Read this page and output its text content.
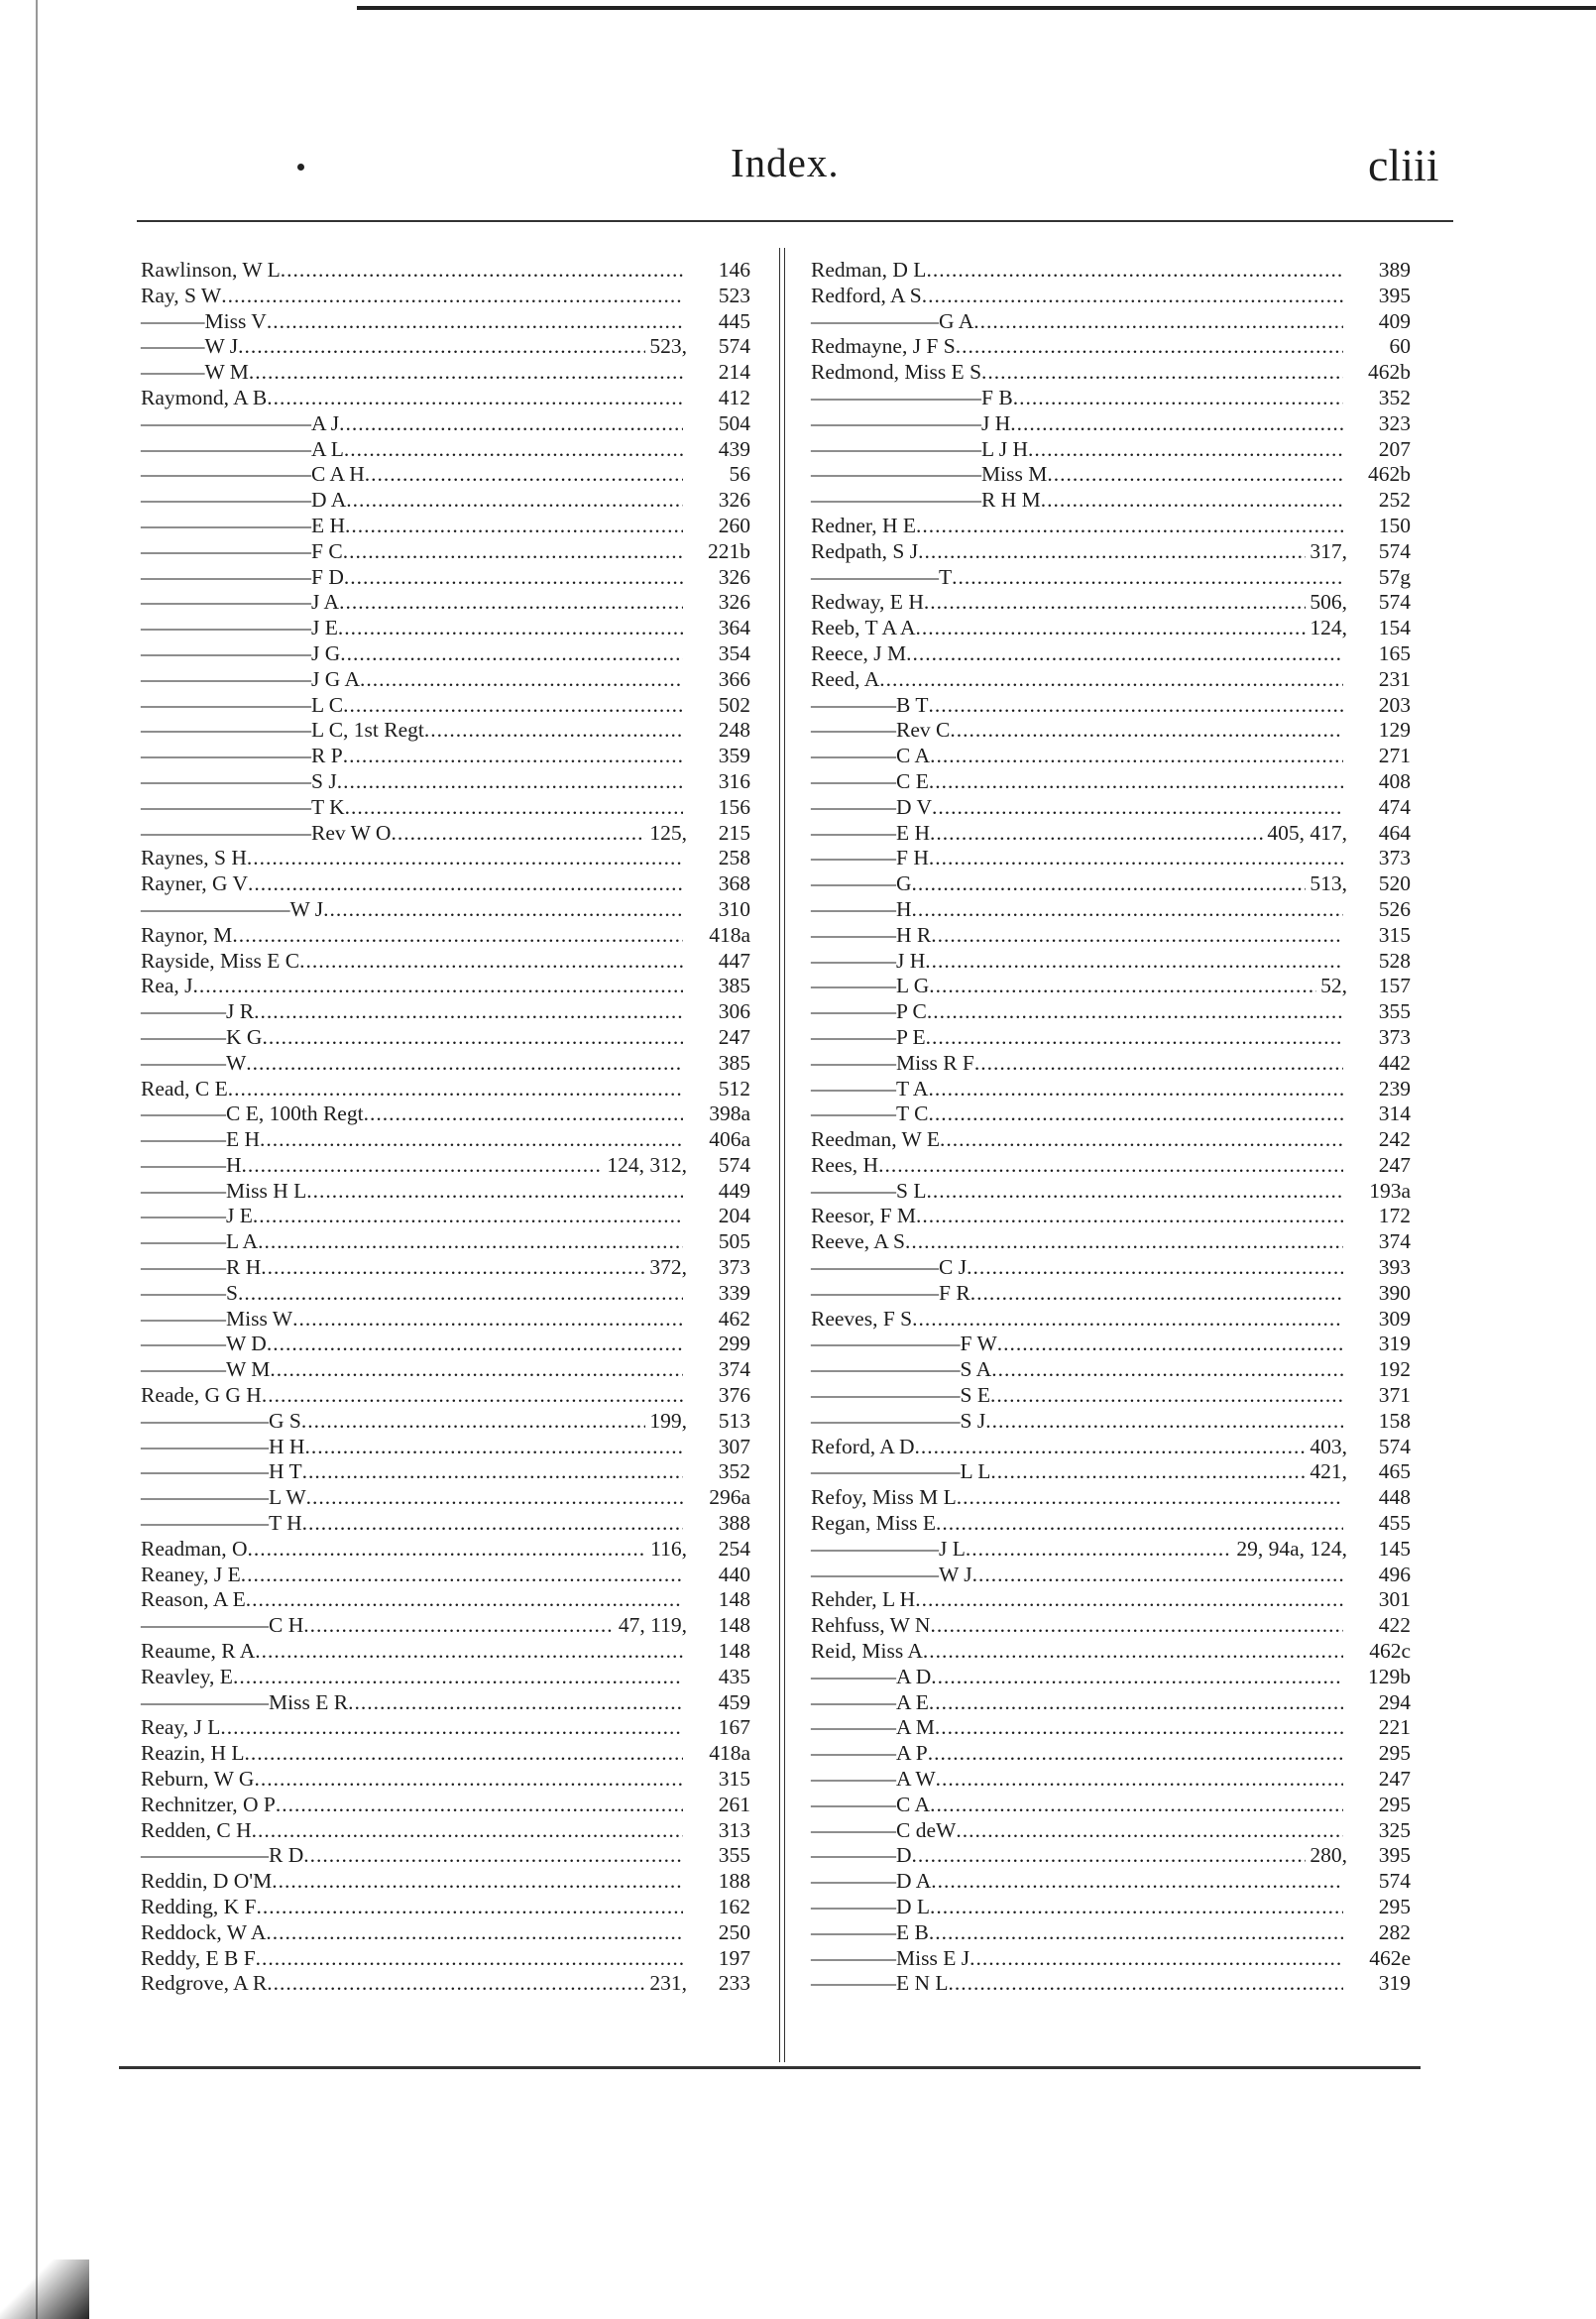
Index.	cliii
Rawlinson, W L .....	146
Ray, S W .....	523
———Miss V .....	445
———W J .....	523,	574
———W M .....	214
Raymond, A B .....	412
————————A J .....	504
————————A L .....	439
————————C A H .....	56
————————D A .....	326
————————E H .....	260
————————F C .....	221b
————————F D .....	326
————————J A .....	326
————————J E .....	364
————————J G .....	354
————————J G A .....	366
————————L C .....	502
————————L C, 1st Regt .....	248
————————R P .....	359
————————S J .....	316
————————T K .....	156
————————Rev W O .....	125,	215
Raynes, S H .....	258
Rayner, G V .....	368
———————W J .....	310
Raynor, M .....	418a
Rayside, Miss E C .....	447
Rea, J .....	385
————J R .....	306
————K G .....	247
————W .....	385
Read, C E .....	512
————C E, 100th Regt .....	398a
————E H .....	406a
————H .....	124, 312,	574
————Miss H L .....	449
————J E .....	204
————L A .....	505
————R H .....	372,	373
————S .....	339
————Miss W .....	462
————W D .....	299
————W M .....	374
Reade, G G H .....	376
——————G S .....	199,	513
——————H H .....	307
——————H T .....	352
——————L W .....	296a
——————T H .....	388
Readman, O .....	116,	254
Reaney, J E .....	440
Reason, A E .....	148
——————C H .....	47, 119,	148
Reaume, R A .....	148
Reavley, E .....	435
——————Miss E R .....	459
Reay, J L .....	167
Reazin, H L .....	418a
Reburn, W G .....	315
Rechnitzer, O P .....	261
Redden, C H .....	313
——————R D .....	355
Reddin, D O'M .....	188
Redding, K F .....	162
Reddock, W A .....	250
Reddy, E B F .....	197
Redgrove, A R .....	231,	233
Redman, D L .....	389
Redford, A S .....	395
——————G A .....	409
Redmayne, J F S .....	60
Redmond, Miss E S .....	462b
————————F B .....	352
————————J H .....	323
————————L J H .....	207
————————Miss M .....	462b
————————R H M .....	252
Redner, H E .....	150
Redpath, S J .....	317,	574
——————T .....	57g
Redway, E H .....	506,	574
Reeb, T A A .....	124,	154
Reece, J M .....	165
Reed, A .....	231
————B T .....	203
————Rev C .....	129
————C A .....	271
————C E .....	408
————D V .....	474
————E H .....	405, 417,	464
————F H .....	373
————G .....	513,	520
————H .....	526
————H R .....	315
————J H .....	528
————L G .....	52,	157
————P C .....	355
————P E .....	373
————Miss R F .....	442
————T A .....	239
————T C .....	314
Reedman, W E .....	242
Rees, H .....	247
————S L .....	193a
Reesor, F M .....	172
Reeve, A S .....	374
——————C J .....	393
——————F R .....	390
Reeves, F S .....	309
———————F W .....	319
———————S A .....	192
———————S E .....	371
———————S J .....	158
Reford, A D .....	403,	574
———————L L .....	421,	465
Refoy, Miss M L .....	448
Regan, Miss E .....	455
——————J L .....	29, 94a, 124,	145
——————W J .....	496
Rehder, L H .....	301
Rehfuss, W N .....	422
Reid, Miss A .....	462c
————A D .....	129b
————A E .....	294
————A M .....	221
————A P .....	295
————A W .....	247
————C A .....	295
————C deW .....	325
————D .....	280,	395
————D A .....	574
————D L .....	295
————E B .....	282
————Miss E J .....	462e
————E N L .....	319
